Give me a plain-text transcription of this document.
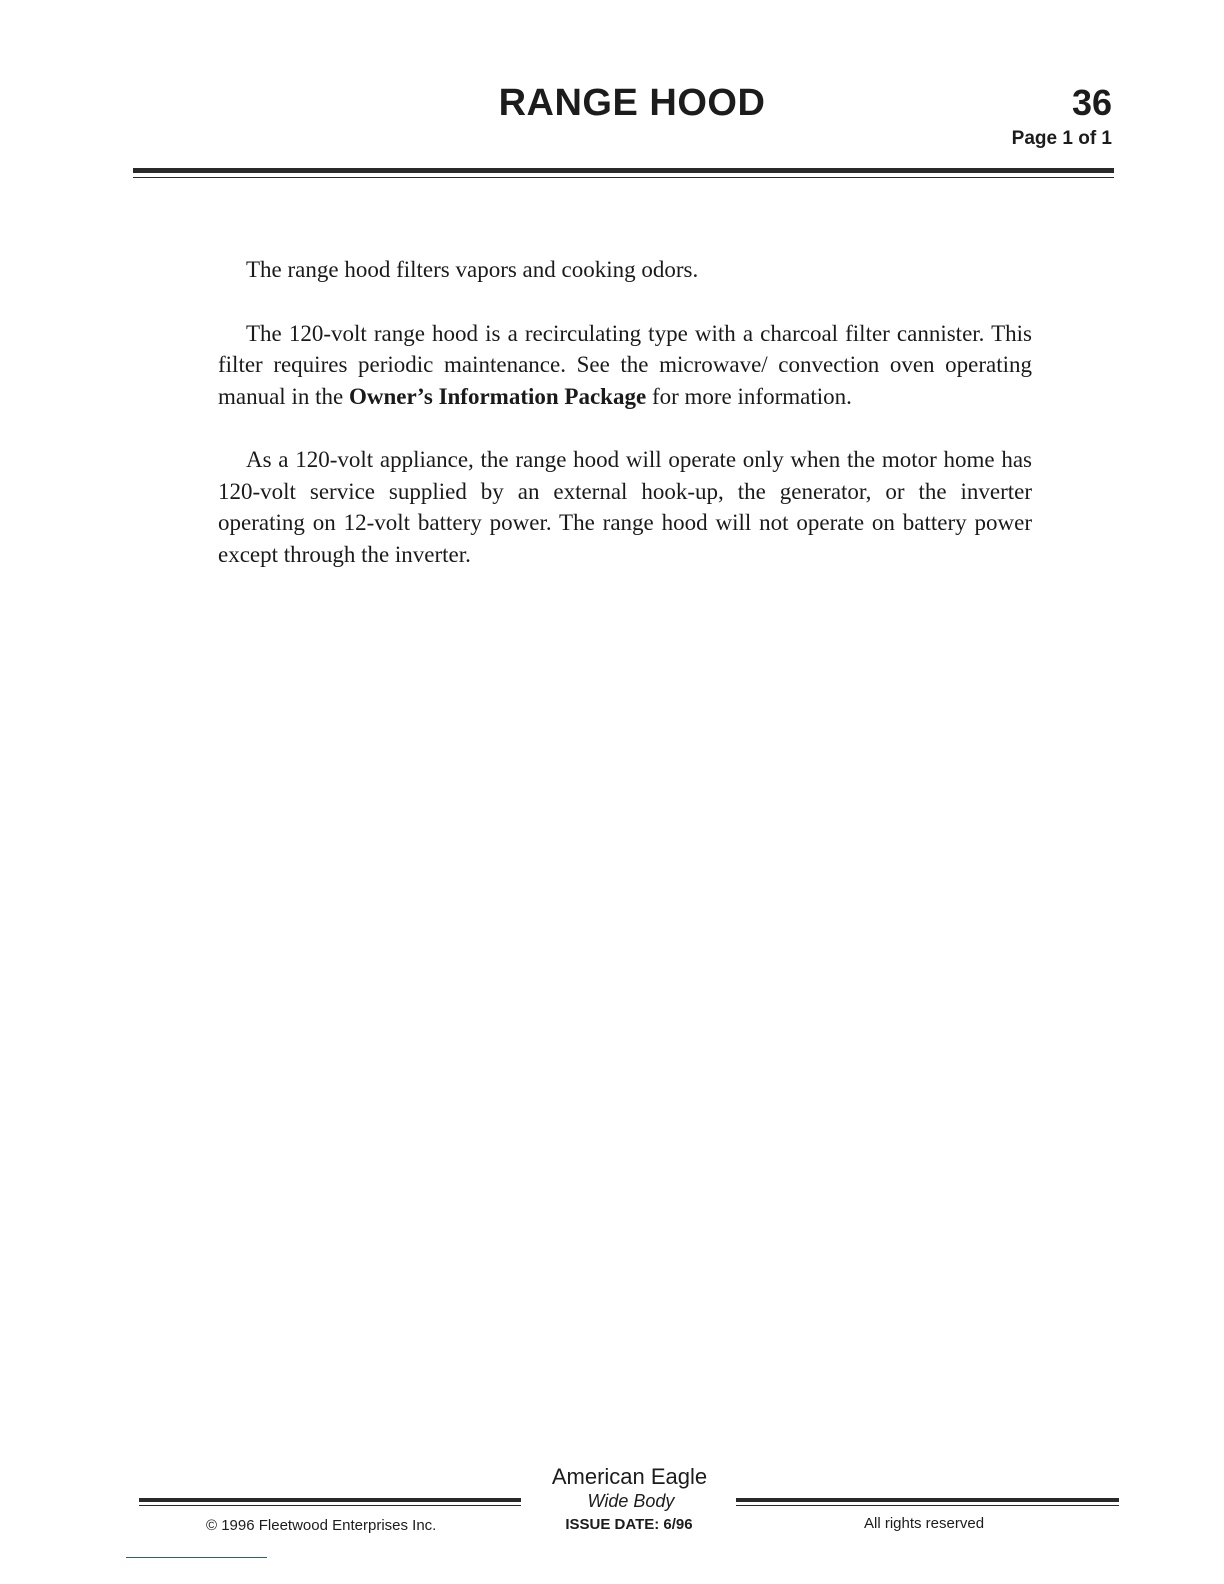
RANGE HOOD	36
Page 1 of 1

The range hood filters vapors and cooking odors.

The 120-volt range hood is a recirculating type with a charcoal filter cannister. This filter requires periodic maintenance. See the microwave/ convection oven operating manual in the Owner’s Information Package for more information.

As a 120-volt appliance, the range hood will operate only when the motor home has 120-volt service supplied by an external hook-up, the generator, or the inverter operating on 12-volt battery power. The range hood will not operate on battery power except through the inverter.

American Eagle
Wide Body
ISSUE DATE: 6/96
© 1996 Fleetwood Enterprises Inc.	All rights reserved
